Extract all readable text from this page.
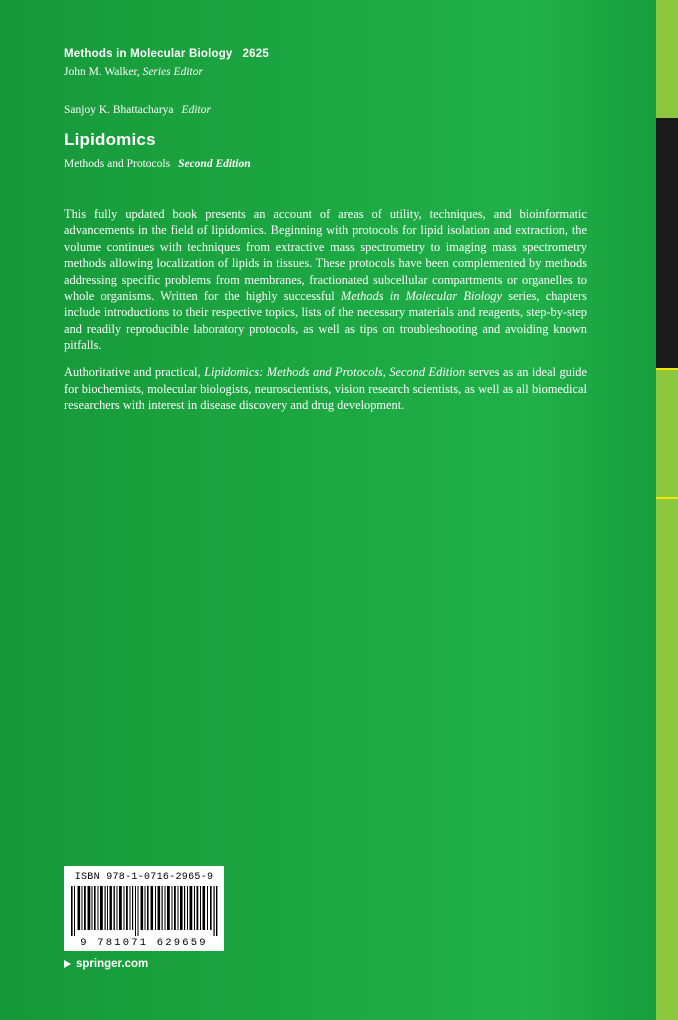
Methods in Molecular Biology 2625
John M. Walker, Series Editor
Sanjoy K. Bhattacharya Editor
Lipidomics
Methods and Protocols Second Edition

This fully updated book presents an account of areas of utility, techniques, and bioinformatic advancements in the field of lipidomics. Beginning with protocols for lipid isolation and extraction, the volume continues with techniques from extractive mass spectrometry to imaging mass spectrometry methods allowing localization of lipids in tissues. These protocols have been complemented by methods addressing specific problems from membranes, fractionated subcellular compartments or organelles to whole organisms. Written for the highly successful Methods in Molecular Biology series, chapters include introductions to their respective topics, lists of the necessary materials and reagents, step-by-step and readily reproducible laboratory protocols, as well as tips on troubleshooting and avoiding known pitfalls.

Authoritative and practical, Lipidomics: Methods and Protocols, Second Edition serves as an ideal guide for biochemists, molecular biologists, neuroscientists, vision research scientists, as well as all biomedical researchers with interest in disease discovery and drug development.

ISBN 978-1-0716-2965-9
9 781071 629659
springer.com
